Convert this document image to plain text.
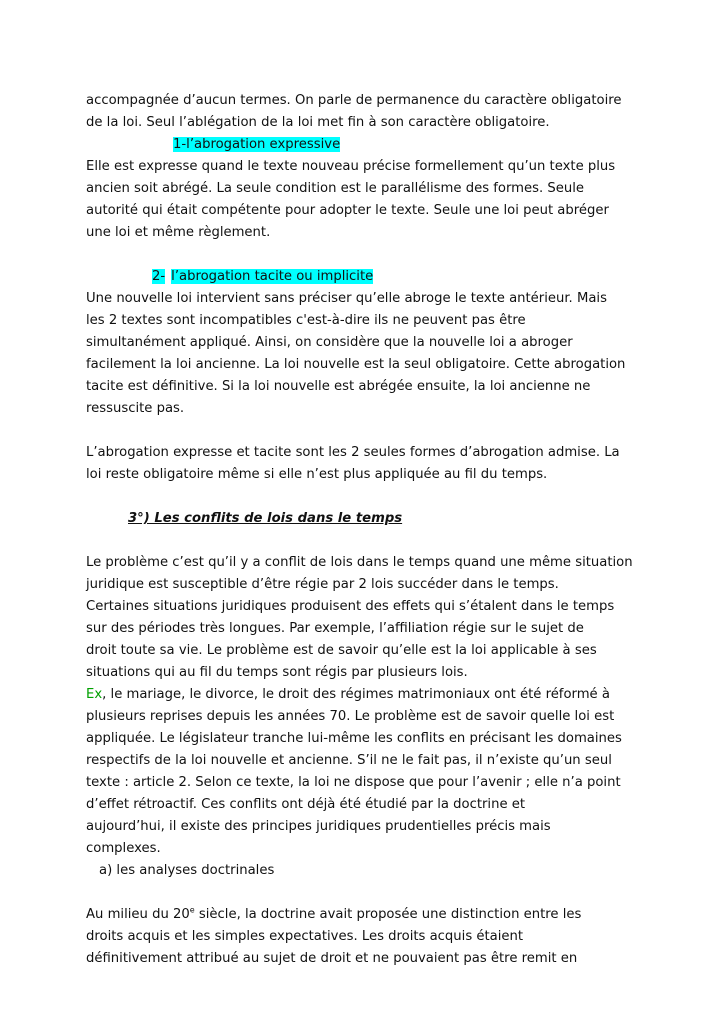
accompagnée d’aucun termes. On parle de permanence du caractère obligatoire
de la loi. Seul l’ablégation de la loi met fin à son caractère obligatoire.
1-l’abrogation expressive
Elle est expresse quand le texte nouveau précise formellement qu’un texte plus
ancien soit abrégé. La seule condition est le parallélisme des formes. Seule
autorité qui était compétente pour adopter le texte. Seule une loi peut abréger
une loi et même règlement.
2- l’abrogation tacite ou implicite
Une nouvelle loi intervient sans préciser qu’elle abroge le texte antérieur. Mais
les 2 textes sont incompatibles c'est-à-dire ils ne peuvent pas être
simultanément appliqué. Ainsi, on considère que la nouvelle loi a abroger
facilement la loi ancienne. La loi nouvelle est la seul obligatoire. Cette abrogation
tacite est définitive. Si la loi nouvelle est abrégée ensuite, la loi ancienne ne
ressuscite pas.
L’abrogation expresse et tacite sont les 2 seules formes d’abrogation admise. La
loi reste obligatoire même si elle n’est plus appliquée au fil du temps.
3°) Les conflits de lois dans le temps
Le problème c’est qu’il y a conflit de lois dans le temps quand une même situation
juridique est susceptible d’être régie par 2 lois succéder dans le temps.
Certaines situations juridiques produisent des effets qui s’étalent dans le temps
sur des périodes très longues. Par exemple, l’affiliation régie sur le sujet de
droit toute sa vie. Le problème est de savoir qu’elle est la loi applicable à ses
situations qui au fil du temps sont régis par plusieurs lois.
Ex, le mariage, le divorce, le droit des régimes matrimoniaux ont été réformé à
plusieurs reprises depuis les années 70. Le problème est de savoir quelle loi est
appliquée. Le législateur tranche lui-même les conflits en précisant les domaines
respectifs de la loi nouvelle et ancienne. S’il ne le fait pas, il n’existe qu’un seul
texte : article 2. Selon ce texte, la loi ne dispose que pour l’avenir ; elle n’a point
d’effet rétroactif. Ces conflits ont déjà été étudié par la doctrine et
aujourd’hui, il existe des principes juridiques prudentielles précis mais
complexes.
a) les analyses doctrinales
Au milieu du 20e siècle, la doctrine avait proposée une distinction entre les
droits acquis et les simples expectatives. Les droits acquis étaient
définitivement attribué au sujet de droit et ne pouvaient pas être remit en
